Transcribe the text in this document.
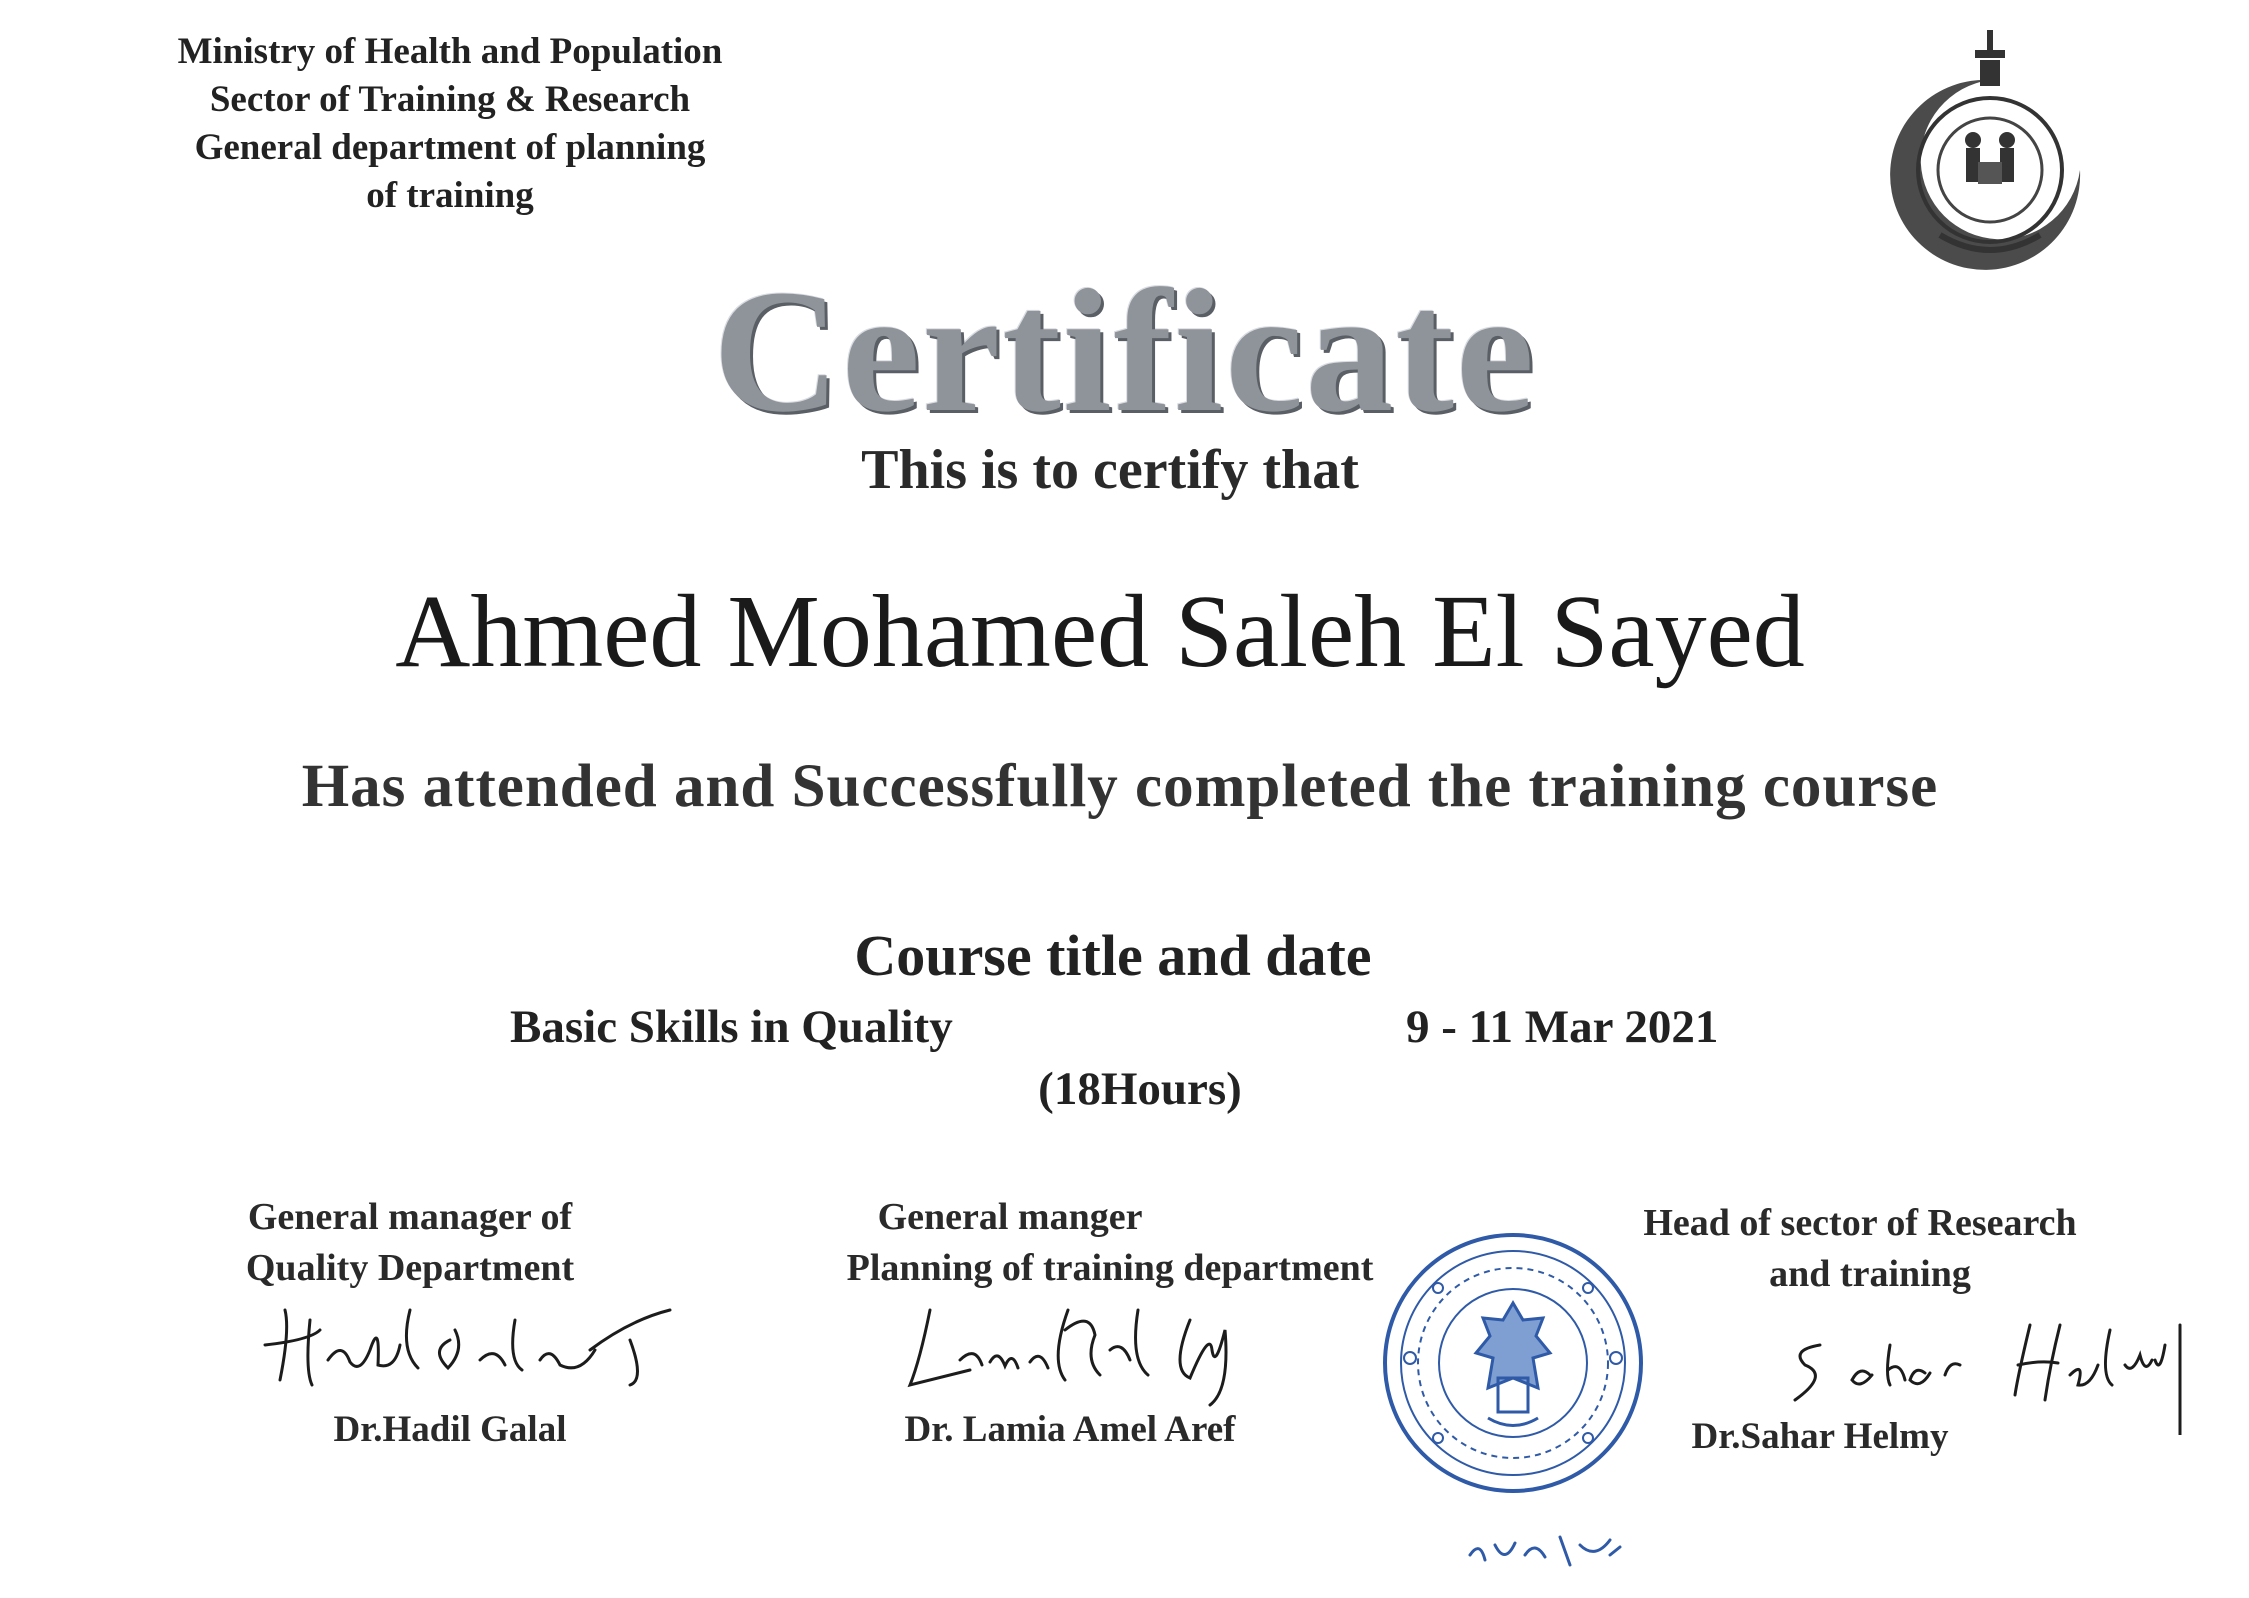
Ministry of Health and Population
Sector of Training & Research
General department of planning
of training
Certificate
This is to certify that
Ahmed Mohamed Saleh El Sayed
Has attended and Successfully completed the training course
Course title and date
Basic Skills in Quality	9 - 11 Mar 2021
(18Hours)
General manager of
Quality Department
Dr.Hadil Galal
General manger
Planning of training department
Dr. Lamia Amel Aref
Head of sector of Research
and training
Dr.Sahar Helmy
